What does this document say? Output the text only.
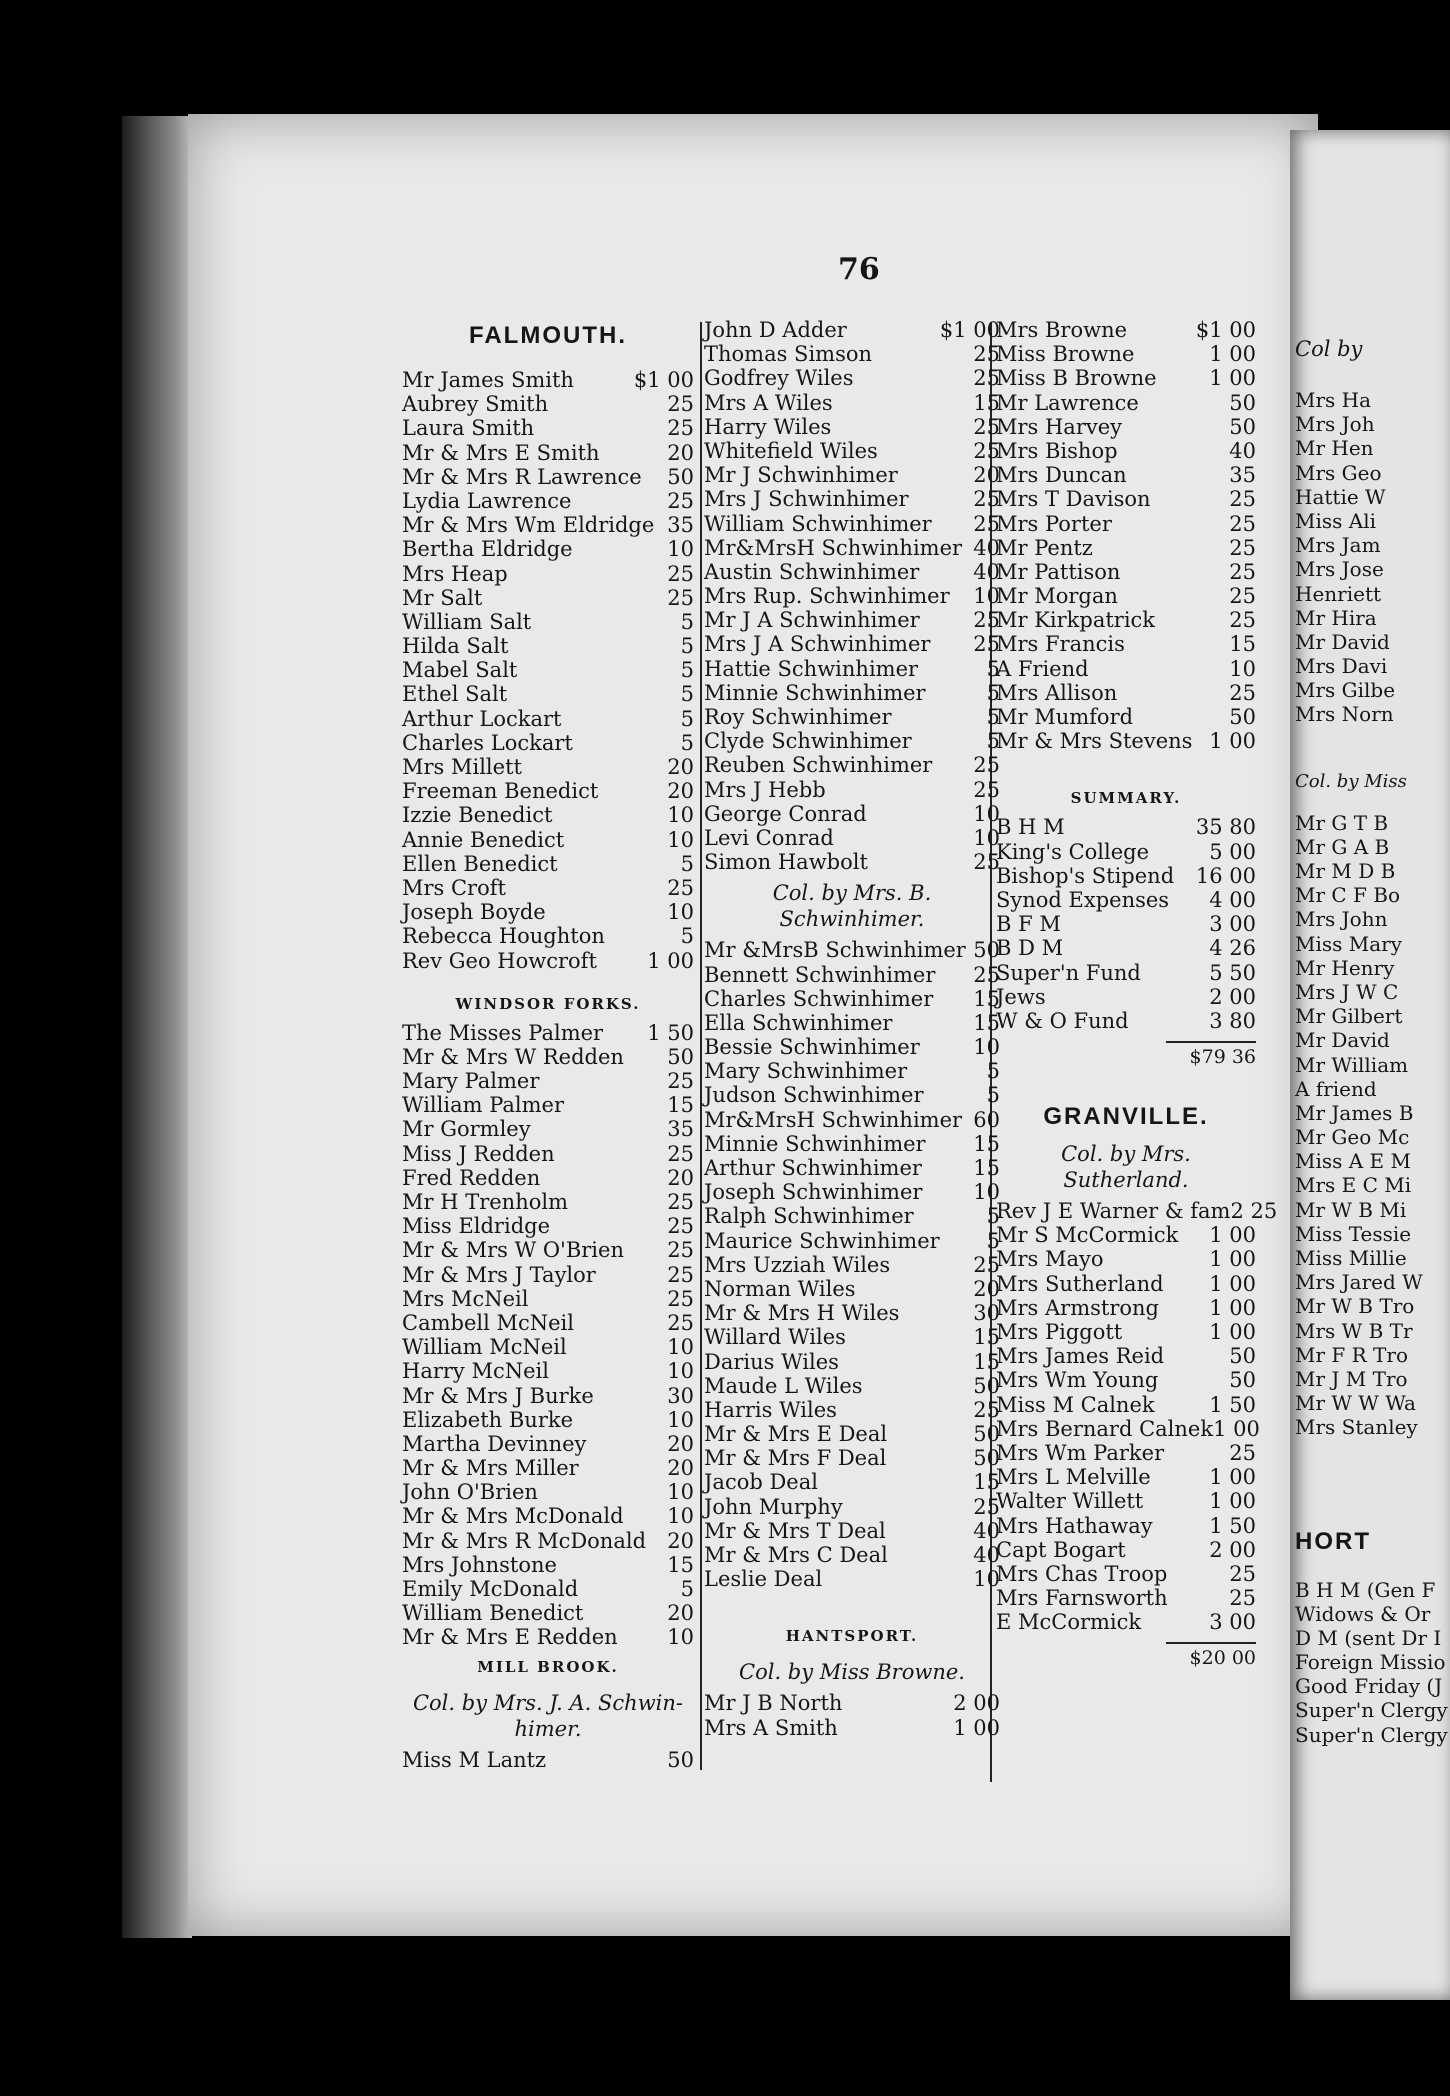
76
FALMOUTH.
Mr James Smith	$1 00
Aubrey Smith	25
Laura Smith	25
Mr & Mrs E Smith	20
Mr & Mrs R Lawrence	50
Lydia Lawrence	25
Mr & Mrs Wm Eldridge 35
Bertha Eldridge	10
Mrs Heap	25
Mr Salt	25
William Salt	5
Hilda Salt	5
Mabel Salt	5
Ethel Salt	5
Arthur Lockart	5
Charles Lockart	5
Mrs Millett	20
Freeman Benedict	20
Izzie Benedict	10
Annie Benedict	10
Ellen Benedict	5
Mrs Croft	25
Joseph Boyde	10
Rebecca Houghton	5
Rev Geo Howcroft 1 00
WINDSOR FORKS.
The Misses Palmer 1 50
Mr & Mrs W Redden	50
Mary Palmer	25
William Palmer	15
Mr Gormley	35
Miss J Redden	25
Fred Redden	20
Mr H Trenholm	25
Miss Eldridge	25
Mr & Mrs W O'Brien	25
Mr & Mrs J Taylor	25
Mrs McNeil	25
Cambell McNeil	25
William McNeil	10
Harry McNeil	10
Mr & Mrs J Burke	30
Elizabeth Burke	10
Martha Devinney	20
Mr & Mrs Miller	20
John O'Brien	10
Mr & Mrs McDonald	10
Mr & Mrs R McDonald	20
Mrs Johnstone	15
Emily McDonald	5
William Benedict	20
Mr & Mrs E Redden	10
MILL BROOK.
Col. by Mrs. J. A. Schwin-himer.
Miss M Lantz	50
John D Adder	$1 00
Thomas Simson	25
Godfrey Wiles	25
Mrs A Wiles	15
Harry Wiles	25
Whitefield Wiles	25
Mr J Schwinhimer	20
Mrs J Schwinhimer	25
William Schwinhimer	25
Mr&MrsH Schwinhimer 40
Austin Schwinhimer	40
Mrs Rup. Schwinhimer	10
Mr J A Schwinhimer	25
Mrs J A Schwinhimer	25
Hattie Schwinhimer	5
Minnie Schwinhimer	5
Roy Schwinhimer	5
Clyde Schwinhimer	5
Reuben Schwinhimer	25
Mrs J Hebb	25
George Conrad	10
Levi Conrad	10
Simon Hawbolt	25
Col. by Mrs. B. Schwinhimer.
Mr &MrsB Schwinhimer 50
Bennett Schwinhimer	25
Charles Schwinhimer	15
Ella Schwinhimer	15
Bessie Schwinhimer	10
Mary Schwinhimer	5
Judson Schwinhimer	5
Mr&MrsH Schwinhimer 60
Minnie Schwinhimer	15
Arthur Schwinhimer	15
Joseph Schwinhimer	10
Ralph Schwinhimer	5
Maurice Schwinhimer	5
Mrs Uzziah Wiles	25
Norman Wiles	20
Mr & Mrs H Wiles	30
Willard Wiles	15
Darius Wiles	15
Maude L Wiles	50
Harris Wiles	25
Mr & Mrs E Deal	50
Mr & Mrs F Deal	50
Jacob Deal	15
John Murphy	25
Mr & Mrs T Deal	40
Mr & Mrs C Deal	40
Leslie Deal	10
HANTSPORT.
Col. by Miss Browne.
Mr J B North	2 00
Mrs A Smith	1 00
Mrs Browne	$1 00
Miss Browne	1 00
Miss B Browne	1 00
Mr Lawrence	50
Mrs Harvey	50
Mrs Bishop	40
Mrs Duncan	35
Mrs T Davison	25
Mrs Porter	25
Mr Pentz	25
Mr Pattison	25
Mr Morgan	25
Mr Kirkpatrick	25
Mrs Francis	15
A Friend	10
Mrs Allison	25
Mr Mumford	50
Mr & Mrs Stevens 1 00
SUMMARY.
B H M	35 80
King's College	5 00
Bishop's Stipend 16 00
Synod Expenses 4 00
B F M	3 00
B D M	4 26
Super'n Fund	5 50
Jews	2 00
W & O Fund	3 80
$79 36
GRANVILLE.
Col. by Mrs. Sutherland.
Rev J E Warner & fam 2 25
Mr S McCormick 1 00
Mrs Mayo	1 00
Mrs Sutherland 1 00
Mrs Armstrong 1 00
Mrs Piggott	1 00
Mrs James Reid	50
Mrs Wm Young	50
Miss M Calnek	1 50
Mrs Bernard Calnek 1 00
Mrs Wm Parker	25
Mrs L Melville	1 00
Walter Willett	1 00
Mrs Hathaway	1 50
Capt Bogart	2 00
Mrs Chas Troop	25
Mrs Farnsworth	25
E McCormick	3 00
$20 00
Col by
Mrs Ha
Mrs Joh
Mr Hen
Mrs Geo
Hattie W
Miss Ali
Mrs Jam
Mrs Jose
Henriett
Mr Hira
Mr David
Mrs Davi
Mrs Gilbe
Mrs Norn
Col. by Miss
Mr G T B
Mr G A B
Mr M D B
Mr C F Bo
Mrs John
Miss Mary
Mr Henry
Mrs J W C
Mr Gilbert
Mr David
Mr William
A friend
Mr James B
Mr Geo Mc
Miss A E M
Mrs E C Mi
Mr W B Mi
Miss Tessie
Miss Millie
Mrs Jared W
Mr W B Tro
Mrs W B Tr
Mr F R Tro
Mr J M Tro
Mr W W Wa
Mrs Stanley
HORT
B H M (Gen F
Widows & Or
D M (sent Dr I
Foreign Missio
Good Friday (J
Super'n Clergy
Super'n Clergy
